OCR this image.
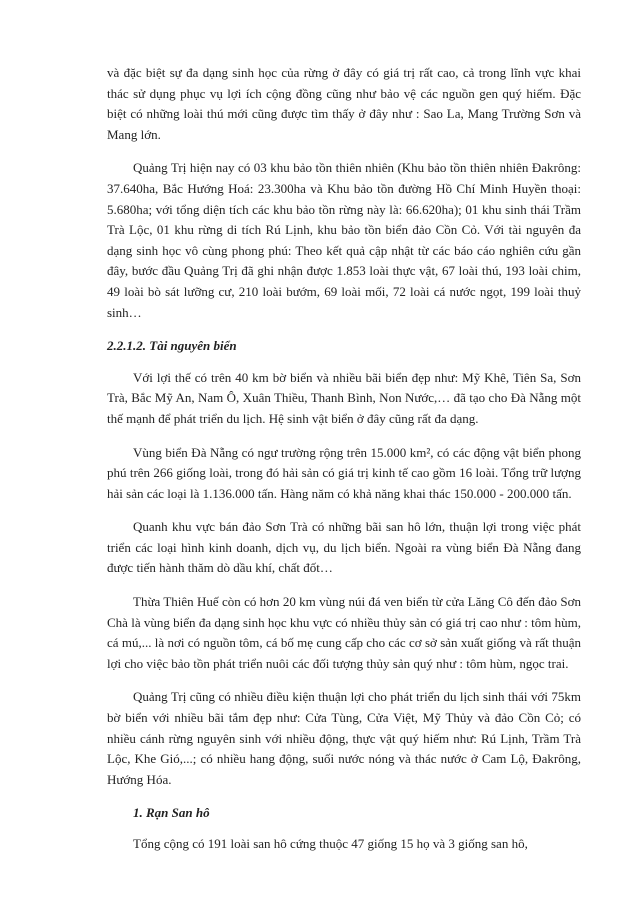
và đặc biệt sự đa dạng sinh học của rừng ở đây có giá trị rất cao, cả trong lĩnh vực khai thác sử dụng phục vụ lợi ích cộng đồng cũng như bảo vệ các nguồn gen quý hiếm. Đặc biệt có những loài thú mới cũng được tìm thấy ở đây như : Sao La, Mang Trường Sơn và Mang lớn.

Quảng Trị hiện nay có 03 khu bảo tồn thiên nhiên (Khu bảo tồn thiên nhiên Đakrông: 37.640ha, Bắc Hướng Hoá: 23.300ha và Khu bảo tồn đường Hồ Chí Minh Huyền thoại: 5.680ha; với tổng diện tích các khu bảo tồn rừng này là: 66.620ha); 01 khu sinh thái Trầm Trà Lộc, 01 khu rừng di tích Rú Lịnh, khu bảo tồn biển đảo Cồn Cỏ. Với tài nguyên đa dạng sinh học vô cùng phong phú: Theo kết quả cập nhật từ các báo cáo nghiên cứu gần đây, bước đầu Quảng Trị đã ghi nhận được 1.853 loài thực vật, 67 loài thú, 193 loài chim, 49 loài bò sát lưỡng cư, 210 loài bướm, 69 loài mối, 72 loài cá nước ngọt, 199 loài thuỷ sinh…

2.2.1.2. Tài nguyên biển

Với lợi thế có trên 40 km bờ biển và nhiều bãi biển đẹp như: Mỹ Khê, Tiên Sa, Sơn Trà, Bắc Mỹ An, Nam Ô, Xuân Thiều, Thanh Bình, Non Nước,… đã tạo cho Đà Nẵng một thế mạnh để phát triển du lịch. Hệ sinh vật biển ở đây cũng rất đa dạng.

Vùng biển Đà Nẵng có ngư trường rộng trên 15.000 km², có các động vật biển phong phú trên 266 giống loài, trong đó hải sản có giá trị kinh tế cao gồm 16 loài. Tổng trữ lượng hải sản các loại là 1.136.000 tấn. Hàng năm có khả năng khai thác 150.000 - 200.000 tấn.

Quanh khu vực bán đảo Sơn Trà có những bãi san hô lớn, thuận lợi trong việc phát triển các loại hình kinh doanh, dịch vụ, du lịch biển. Ngoài ra vùng biển Đà Nẵng đang được tiến hành thăm dò dầu khí, chất đốt…

Thừa Thiên Huế còn có hơn 20 km vùng núi đá ven biển từ cửa Lăng Cô đến đảo Sơn Chà là vùng biển đa dạng sinh học khu vực có nhiều thủy sản có giá trị cao như : tôm hùm, cá mú,... là nơi có nguồn tôm, cá bố mẹ cung cấp cho các cơ sở sản xuất giống và rất thuận lợi cho việc bảo tồn phát triển nuôi các đối tượng thủy sản quý như : tôm hùm, ngọc trai.

Quảng Trị cũng có nhiều điều kiện thuận lợi cho phát triển du lịch sinh thái với 75km bờ biển với nhiều bãi tắm đẹp như: Cửa Tùng, Cửa Việt, Mỹ Thủy và đảo Cồn Cỏ; có nhiều cánh rừng nguyên sinh với nhiều động, thực vật quý hiếm như: Rú Lịnh, Trầm Trà Lộc, Khe Gió,...; có nhiều hang động, suối nước nóng và thác nước ở Cam Lộ, Đakrông, Hướng Hóa.

1. Rạn San hô

Tổng cộng có 191 loài san hô cứng thuộc 47 giống 15 họ và 3 giống san hô,
